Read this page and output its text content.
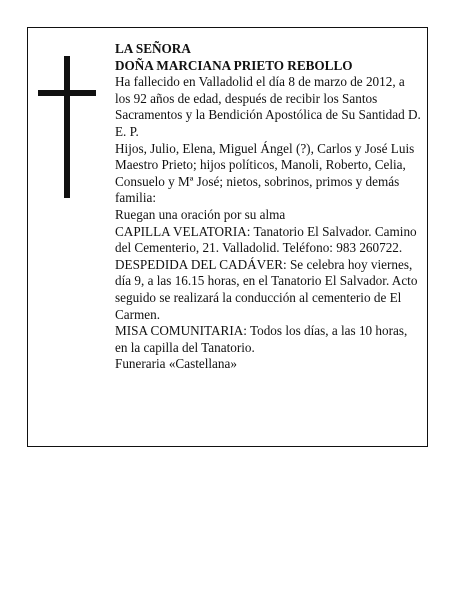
LA SEÑORA

DOÑA MARCIANA PRIETO REBOLLO

Ha fallecido en Valladolid el día 8 de marzo de 2012, a los 92 años de edad, después de recibir los Santos Sacramentos y la Bendición Apostólica de Su Santidad D. E. P.

Hijos, Julio, Elena, Miguel Ángel (?), Carlos y José Luis Maestro Prieto; hijos políticos, Manoli, Roberto, Celia, Consuelo y Mª José; nietos, sobrinos, primos y demás familia:

Ruegan una oración por su alma

CAPILLA VELATORIA: Tanatorio El Salvador. Camino del Cementerio, 21. Valladolid. Teléfono: 983 260722.

DESPEDIDA DEL CADÁVER: Se celebra hoy viernes, día 9, a las 16.15 horas, en el Tanatorio El Salvador. Acto seguido se realizará la conducción al cementerio de El Carmen.

MISA COMUNITARIA: Todos los días, a las 10 horas, en la capilla del Tanatorio.

Funeraria «Castellana»
